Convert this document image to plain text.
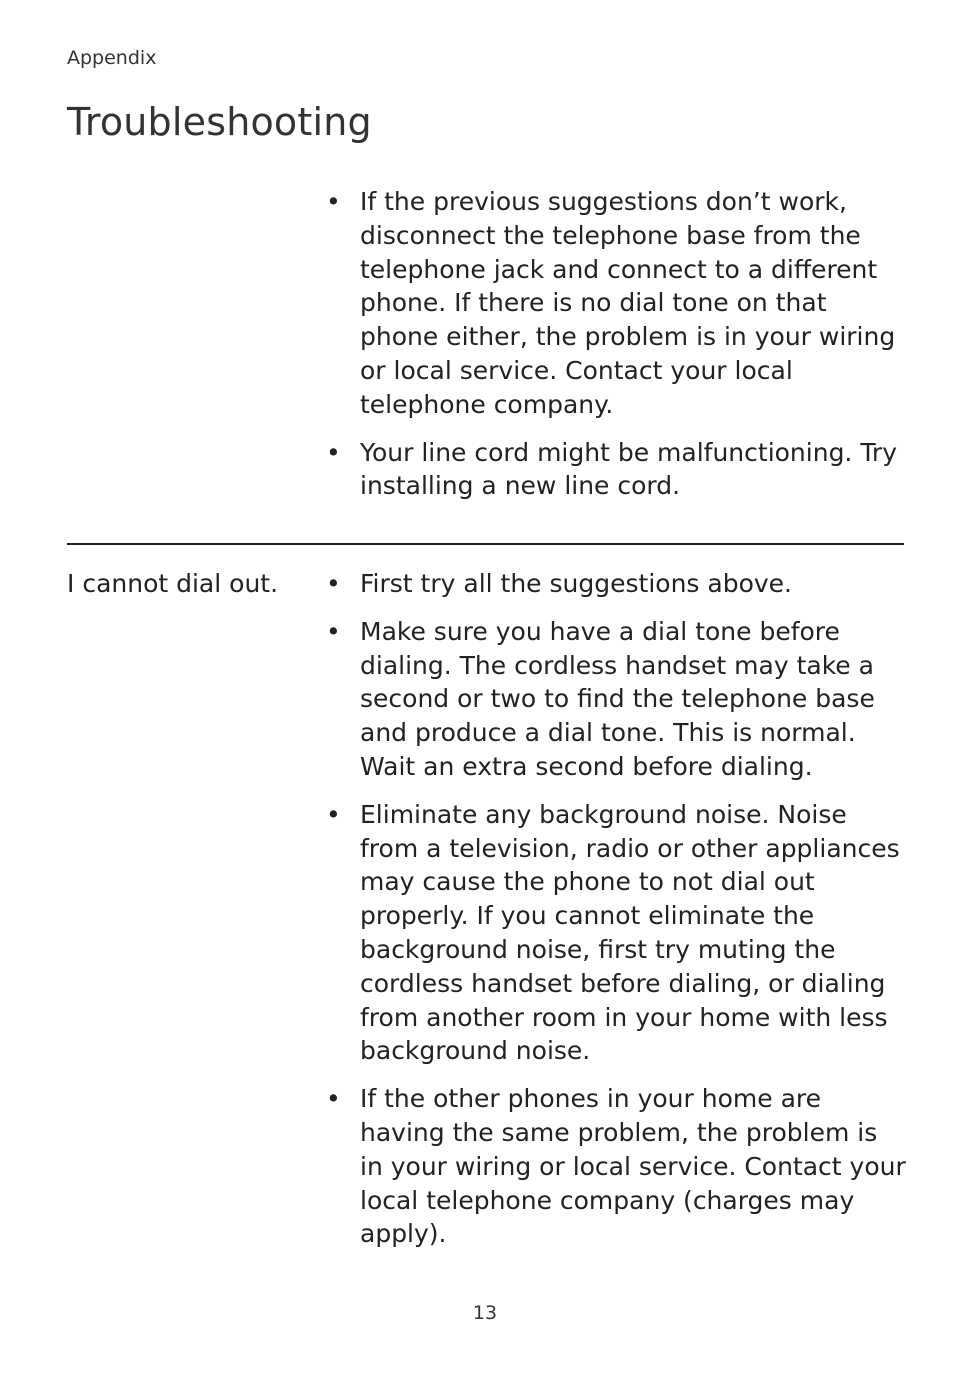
Appendix
Troubleshooting
• If the previous suggestions don’t work, disconnect the telephone base from the telephone jack and connect to a different phone. If there is no dial tone on that phone either, the problem is in your wiring or local service. Contact your local telephone company.
• Your line cord might be malfunctioning. Try installing a new line cord.
I cannot dial out.	• First try all the suggestions above.
• Make sure you have a dial tone before dialing. The cordless handset may take a second or two to find the telephone base and produce a dial tone. This is normal. Wait an extra second before dialing.
• Eliminate any background noise. Noise from a television, radio or other appliances may cause the phone to not dial out properly. If you cannot eliminate the background noise, first try muting the cordless handset before dialing, or dialing from another room in your home with less background noise.
• If the other phones in your home are having the same problem, the problem is in your wiring or local service. Contact your local telephone company (charges may apply).
13
